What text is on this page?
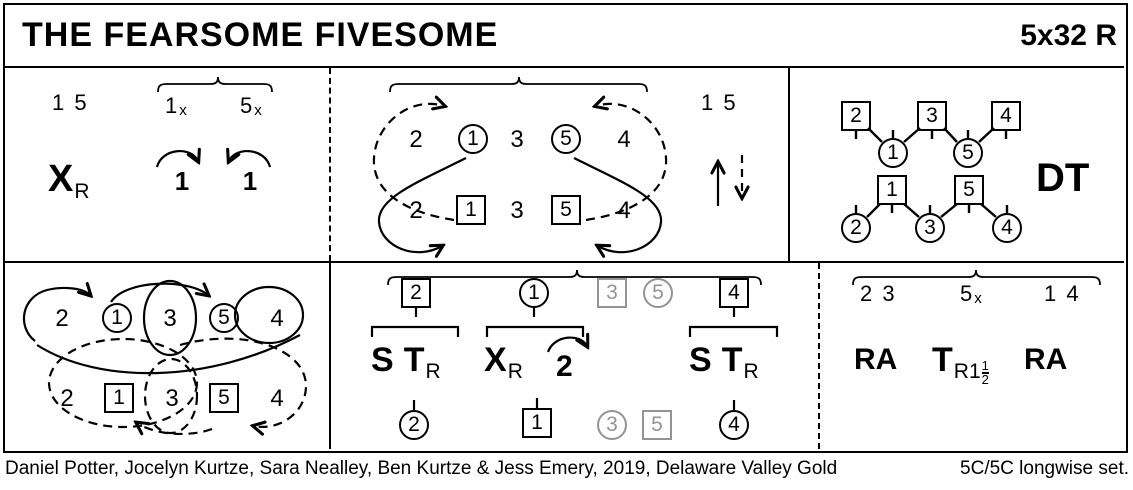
THE FEARSOME FIVESOME	5x32 R
1 5	1x 5x
XR	1 1
2	1	3	5	4
2	1	3	5	4
1 5
2	3	4
1	5
1	5
2	3	4
DT
2	1	3	5	4
2	1	3	5	4
2	1	3	5	4
2	1	3	5	4
S TR XR 2	S TR
2 3	5x	1 4
RA $TR1 \frac{1}{2}$ RA
Daniel Potter, Jocelyn Kurtze, Sara Nealley, Ben Kurtze & Jess Emery, 2019, Delaware Valley Gold	5C/5C longwise set.
